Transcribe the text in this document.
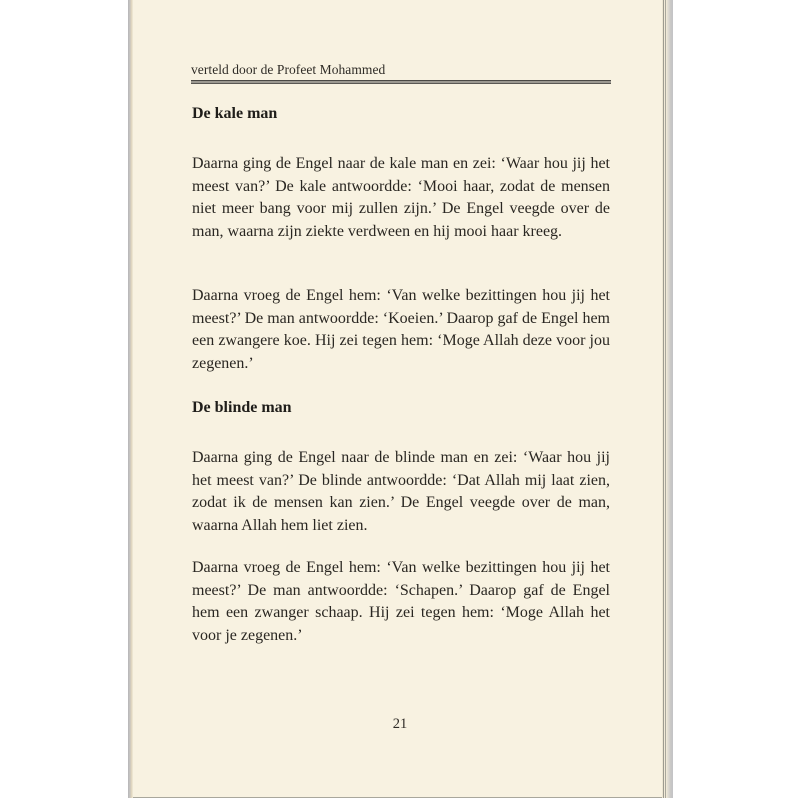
verteld door de Profeet Mohammed
De kale man

Daarna ging de Engel naar de kale man en zei: ‘Waar hou jij het meest van?’ De kale antwoordde: ‘Mooi haar, zodat de mensen niet meer bang voor mij zullen zijn.’ De Engel veegde over de man, waarna zijn ziekte verdween en hij mooi haar kreeg.

Daarna vroeg de Engel hem: ‘Van welke bezittingen hou jij het meest?’ De man antwoordde: ‘Koeien.’ Daarop gaf de Engel hem een zwangere koe. Hij zei tegen hem: ‘Moge Allah deze voor jou zegenen.’

De blinde man

Daarna ging de Engel naar de blinde man en zei: ‘Waar hou jij het meest van?’ De blinde antwoordde: ‘Dat Allah mij laat zien, zodat ik de mensen kan zien.’ De Engel veegde over de man, waarna Allah hem liet zien.

Daarna vroeg de Engel hem: ‘Van welke bezittingen hou jij het meest?’ De man antwoordde: ‘Schapen.’ Daarop gaf de Engel hem een zwanger schaap. Hij zei tegen hem: ‘Moge Allah het voor je zegenen.’

21
